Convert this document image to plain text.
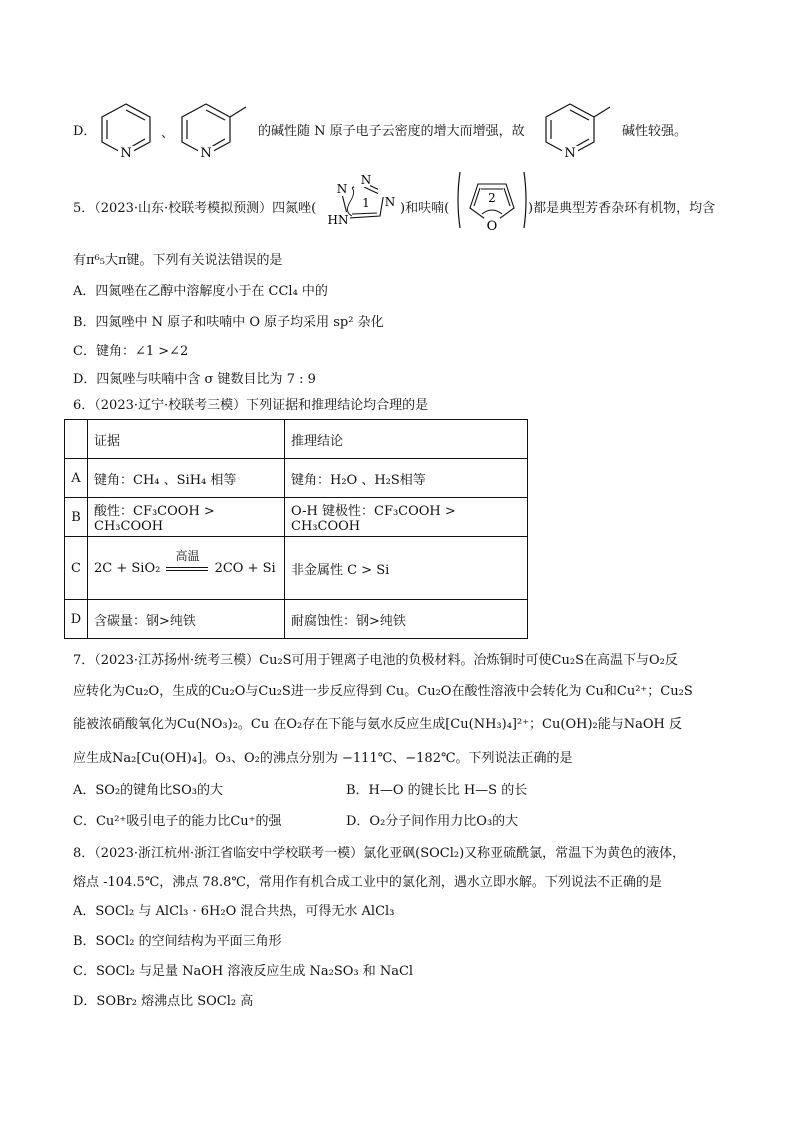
D．
N
、
N
的碱性随 N 原子电子云密度的增大而增强，故
N
碱性较强。
5．（2023·山东·校联考模拟预测）四氮唑(
N
N
N
HN
1 )和呋喃(
O
2
)都是典型芳香杂环有机物，均含
有π⁶₅大π键。下列有关说法错误的是
A．四氮唑在乙醇中溶解度小于在 CCl₄ 中的
B．四氮唑中 N 原子和呋喃中 O 原子均采用 sp² 杂化
C．键角：∠1 >∠2
D．四氮唑与呋喃中含 σ 键数目比为 7 : 9
6．（2023·辽宁·校联考三模）下列证据和推理结论均合理的是
	证据	推理结论
A	键角：CH₄ 、SiH₄ 相等	键角：H₂O 、H₂S相等
B	酸性：CF₃COOH > CH₃COOH	O-H 键极性：CF₃COOH > CH₃COOH
C	2C + SiO₂
高温
2CO + Si	非金属性 C > Si
D	含碳量：钢>纯铁	耐腐蚀性：钢>纯铁
7．（2023·江苏扬州·统考三模）Cu₂S可用于锂离子电池的负极材料。冶炼铜时可使Cu₂S在高温下与O₂反
应转化为Cu₂O，生成的Cu₂O与Cu₂S进一步反应得到 Cu。Cu₂O在酸性溶液中会转化为 Cu和Cu²⁺；Cu₂S
能被浓硝酸氧化为Cu(NO₃)₂。Cu 在O₂存在下能与氨水反应生成[Cu(NH₃)₄]²⁺；Cu(OH)₂能与NaOH 反
应生成Na₂[Cu(OH)₄]。O₃、O₂的沸点分别为 −111℃、−182℃。下列说法正确的是
A．SO₂的键角比SO₃的大	B．H—O 的键长比 H—S 的长
C．Cu²⁺吸引电子的能力比Cu⁺的强	D．O₂分子间作用力比O₃的大
8．（2023·浙江杭州·浙江省临安中学校联考一模）氯化亚砜(SOCl₂)又称亚硫酰氯，常温下为黄色的液体，
熔点 -104.5℃，沸点 78.8℃，常用作有机合成工业中的氯化剂，遇水立即水解。下列说法不正确的是
A．SOCl₂ 与 AlCl₃ · 6H₂O 混合共热，可得无水 AlCl₃
B．SOCl₂ 的空间结构为平面三角形
C．SOCl₂ 与足量 NaOH 溶液反应生成 Na₂SO₃ 和 NaCl
D．SOBr₂ 熔沸点比 SOCl₂ 高
